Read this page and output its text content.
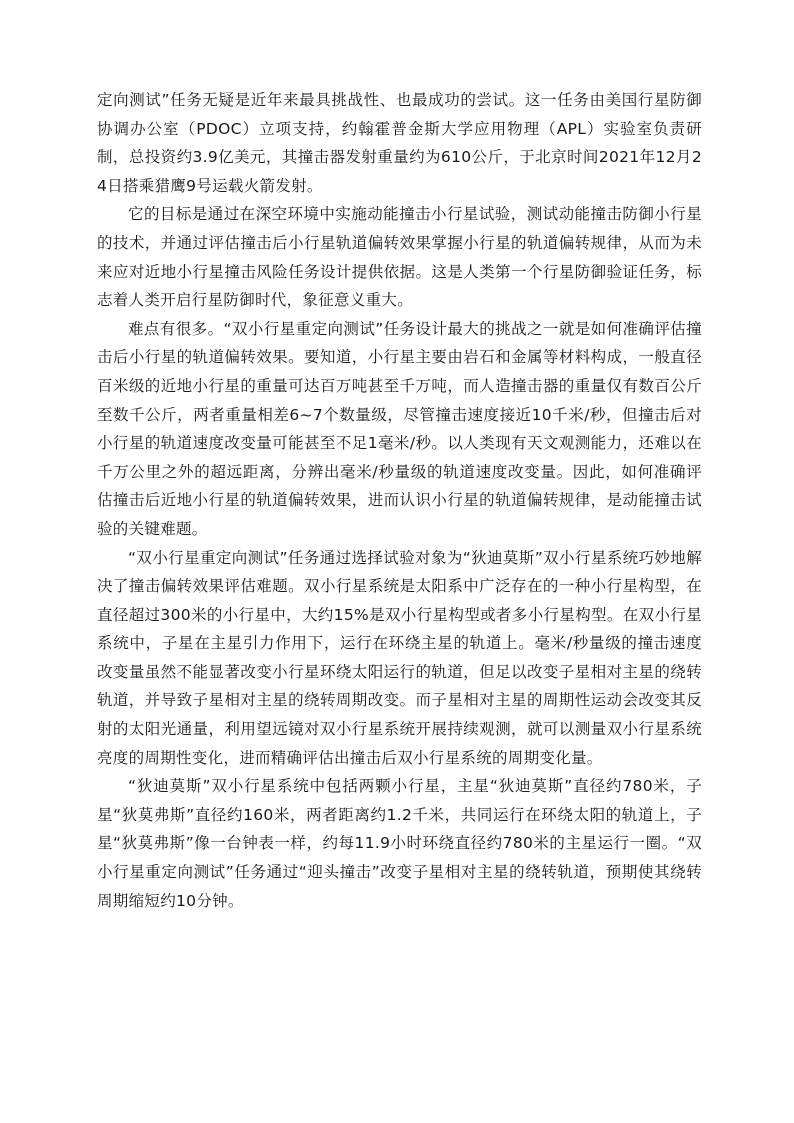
定向测试”任务无疑是近年来最具挑战性、也最成功的尝试。这一任务由美国行星防御协调办公室（PDOC）立项支持，约翰霍普金斯大学应用物理（APL）实验室负责研制，总投资约3.9亿美元，其撞击器发射重量约为610公斤，于北京时间2021年12月24日搭乘猎鹰9号运载火箭发射。

它的目标是通过在深空环境中实施动能撞击小行星试验，测试动能撞击防御小行星的技术，并通过评估撞击后小行星轨道偏转效果掌握小行星的轨道偏转规律，从而为未来应对近地小行星撞击风险任务设计提供依据。这是人类第一个行星防御验证任务，标志着人类开启行星防御时代，象征意义重大。

难点有很多。“双小行星重定向测试”任务设计最大的挑战之一就是如何准确评估撞击后小行星的轨道偏转效果。要知道，小行星主要由岩石和金属等材料构成，一般直径百米级的近地小行星的重量可达百万吨甚至千万吨，而人造撞击器的重量仅有数百公斤至数千公斤，两者重量相差6~7个数量级，尽管撞击速度接近10千米/秒，但撞击后对小行星的轨道速度改变量可能甚至不足1毫米/秒。以人类现有天文观测能力，还难以在千万公里之外的超远距离，分辨出毫米/秒量级的轨道速度改变量。因此，如何准确评估撞击后近地小行星的轨道偏转效果，进而认识小行星的轨道偏转规律，是动能撞击试验的关键难题。

“双小行星重定向测试”任务通过选择试验对象为“狄迪莫斯”双小行星系统巧妙地解决了撞击偏转效果评估难题。双小行星系统是太阳系中广泛存在的一种小行星构型，在直径超过300米的小行星中，大约15%是双小行星构型或者多小行星构型。在双小行星系统中，子星在主星引力作用下，运行在环绕主星的轨道上。毫米/秒量级的撞击速度改变量虽然不能显著改变小行星环绕太阳运行的轨道，但足以改变子星相对主星的绕转轨道，并导致子星相对主星的绕转周期改变。而子星相对主星的周期性运动会改变其反射的太阳光通量，利用望远镜对双小行星系统开展持续观测，就可以测量双小行星系统亮度的周期性变化，进而精确评估出撞击后双小行星系统的周期变化量。

“狄迪莫斯”双小行星系统中包括两颗小行星，主星“狄迪莫斯”直径约780米，子星“狄莫弗斯”直径约160米，两者距离约1.2千米，共同运行在环绕太阳的轨道上，子星“狄莫弗斯”像一台钟表一样，约每11.9小时环绕直径约780米的主星运行一圈。“双小行星重定向测试”任务通过“迎头撞击”改变子星相对主星的绕转轨道，预期使其绕转周期缩短约10分钟。
